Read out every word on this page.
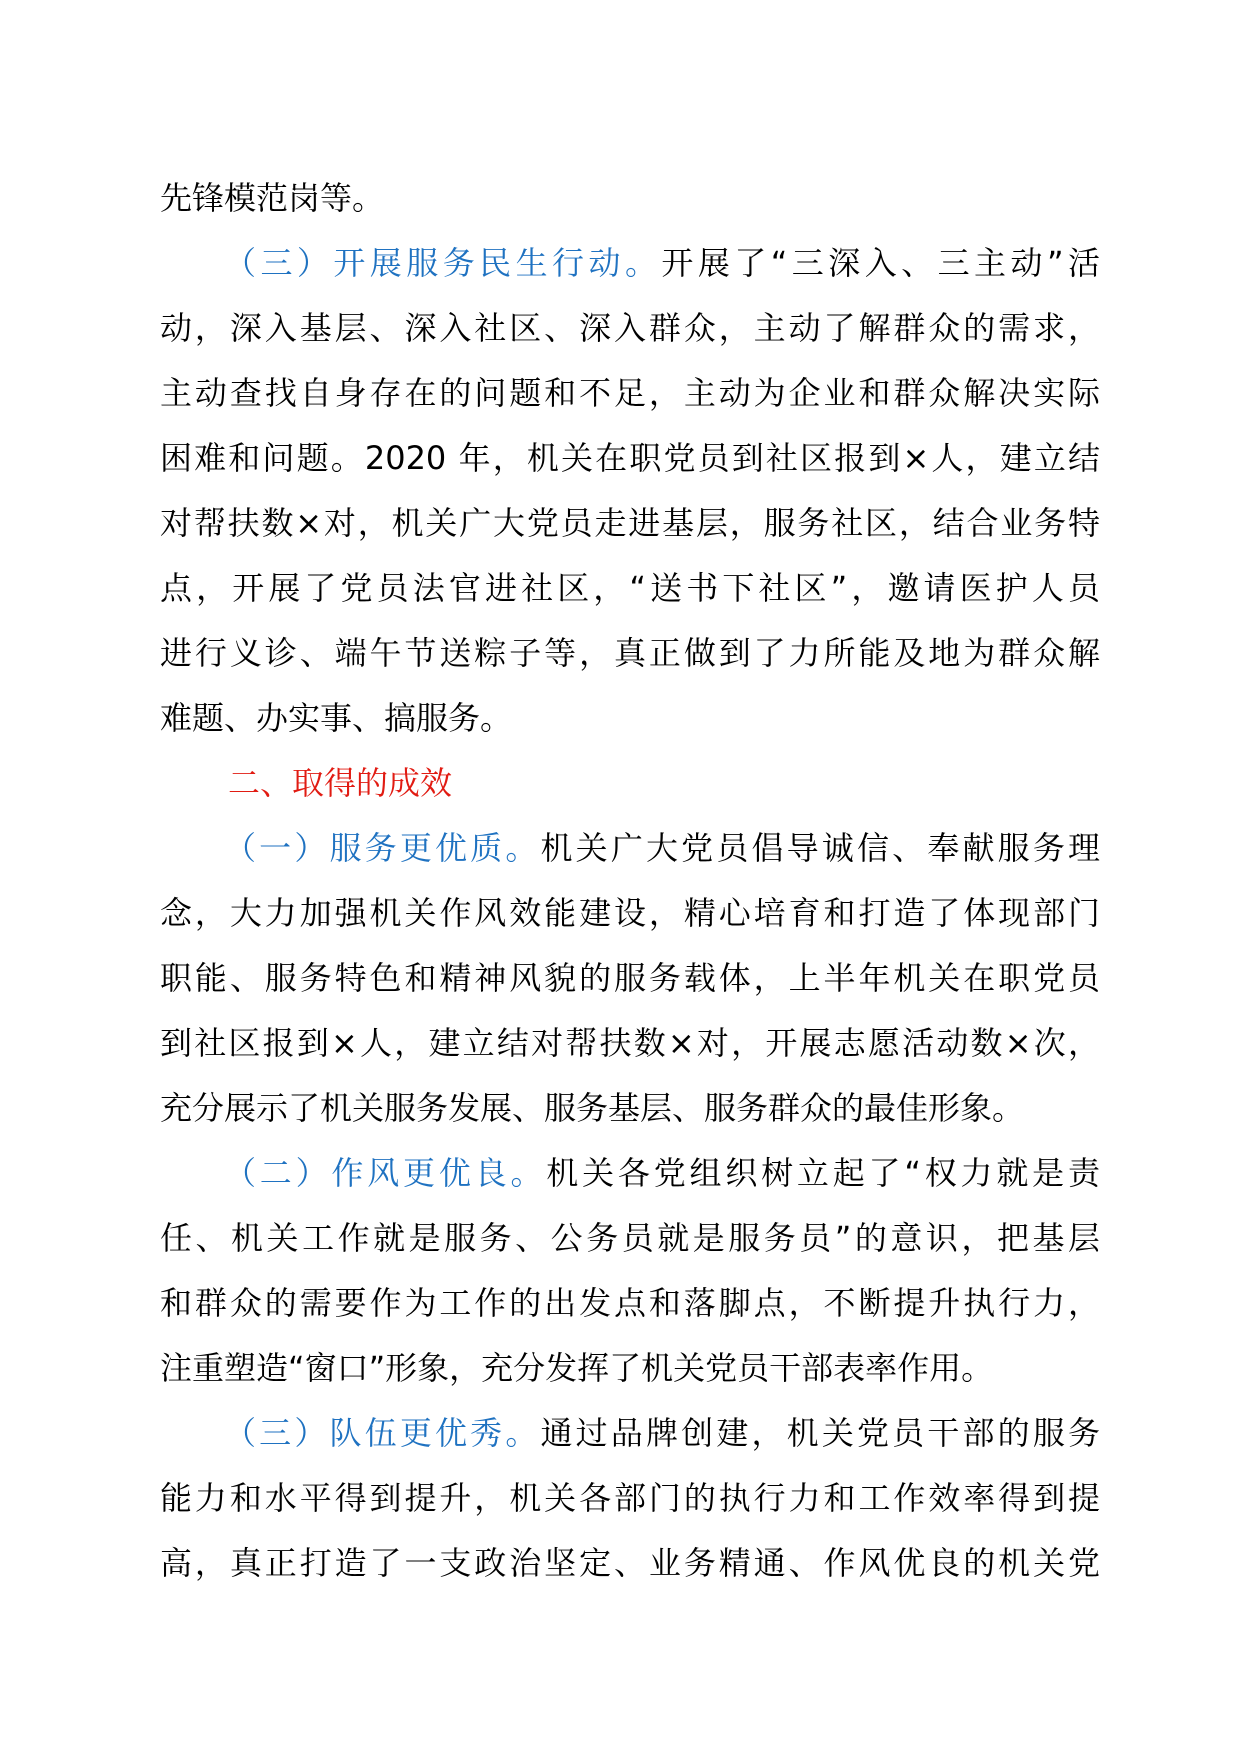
先锋模范岗等。
（三）开展服务民生行动。开展了“三深入、三主动”活
动，深入基层、深入社区、深入群众，主动了解群众的需求，
主动查找自身存在的问题和不足，主动为企业和群众解决实际
困难和问题。2020 年，机关在职党员到社区报到×人，建立结
对帮扶数×对，机关广大党员走进基层，服务社区，结合业务特
点，开展了党员法官进社区，“送书下社区”，邀请医护人员
进行义诊、端午节送粽子等，真正做到了力所能及地为群众解
难题、办实事、搞服务。
二、取得的成效
（一）服务更优质。机关广大党员倡导诚信、奉献服务理
念，大力加强机关作风效能建设，精心培育和打造了体现部门
职能、服务特色和精神风貌的服务载体，上半年机关在职党员
到社区报到×人，建立结对帮扶数×对，开展志愿活动数×次，
充分展示了机关服务发展、服务基层、服务群众的最佳形象。
（二）作风更优良。机关各党组织树立起了“权力就是责
任、机关工作就是服务、公务员就是服务员”的意识，把基层
和群众的需要作为工作的出发点和落脚点，不断提升执行力，
注重塑造“窗口”形象，充分发挥了机关党员干部表率作用。
（三）队伍更优秀。通过品牌创建，机关党员干部的服务
能力和水平得到提升，机关各部门的执行力和工作效率得到提
高，真正打造了一支政治坚定、业务精通、作风优良的机关党
